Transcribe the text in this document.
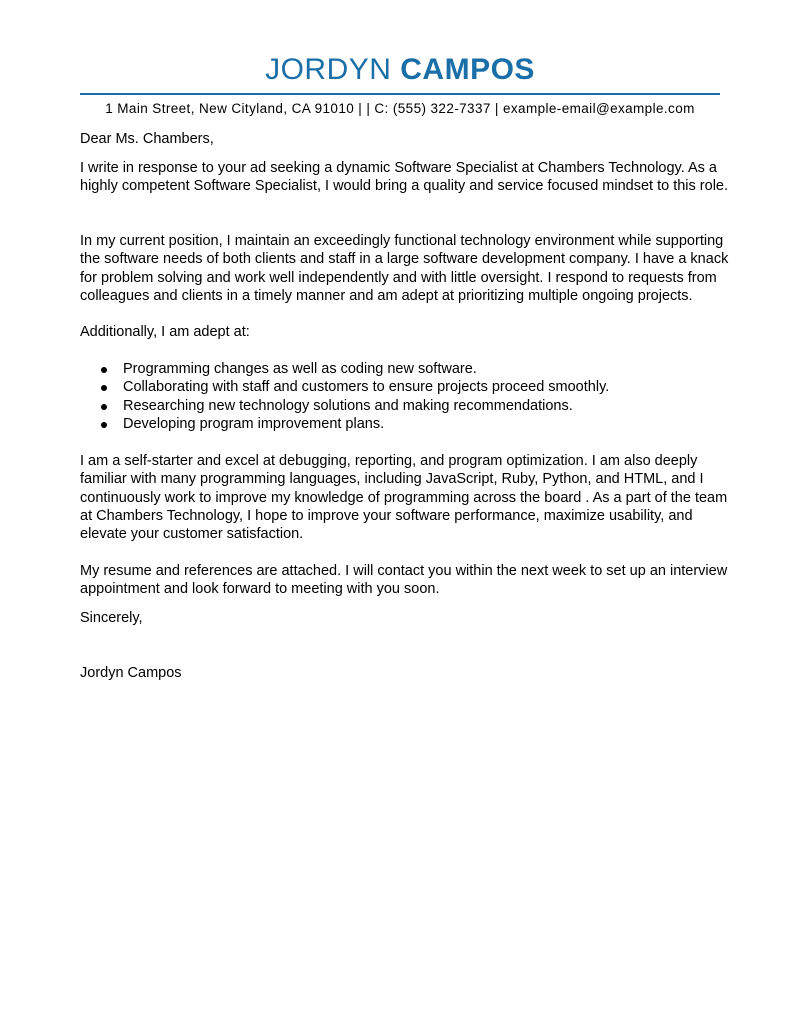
JORDYN CAMPOS
1 Main Street, New Cityland, CA 91010 | | C: (555) 322-7337 | example-email@example.com
Dear Ms. Chambers,

I write in response to your ad seeking a dynamic Software Specialist at Chambers Technology. As a highly competent Software Specialist, I would bring a quality and service focused mindset to this role.

In my current position, I maintain an exceedingly functional technology environment while supporting the software needs of both clients and staff in a large software development company. I have a knack for problem solving and work well independently and with little oversight. I respond to requests from colleagues and clients in a timely manner and am adept at prioritizing multiple ongoing projects.

Additionally, I am adept at:
Programming changes as well as coding new software.
Collaborating with staff and customers to ensure projects proceed smoothly.
Researching new technology solutions and making recommendations.
Developing program improvement plans.

I am a self-starter and excel at debugging, reporting, and program optimization. I am also deeply familiar with many programming languages, including JavaScript, Ruby, Python, and HTML, and I continuously work to improve my knowledge of programming across the board . As a part of the team at Chambers Technology, I hope to improve your software performance, maximize usability, and elevate your customer satisfaction.

My resume and references are attached. I will contact you within the next week to set up an interview appointment and look forward to meeting with you soon.

Sincerely,
Jordyn Campos
